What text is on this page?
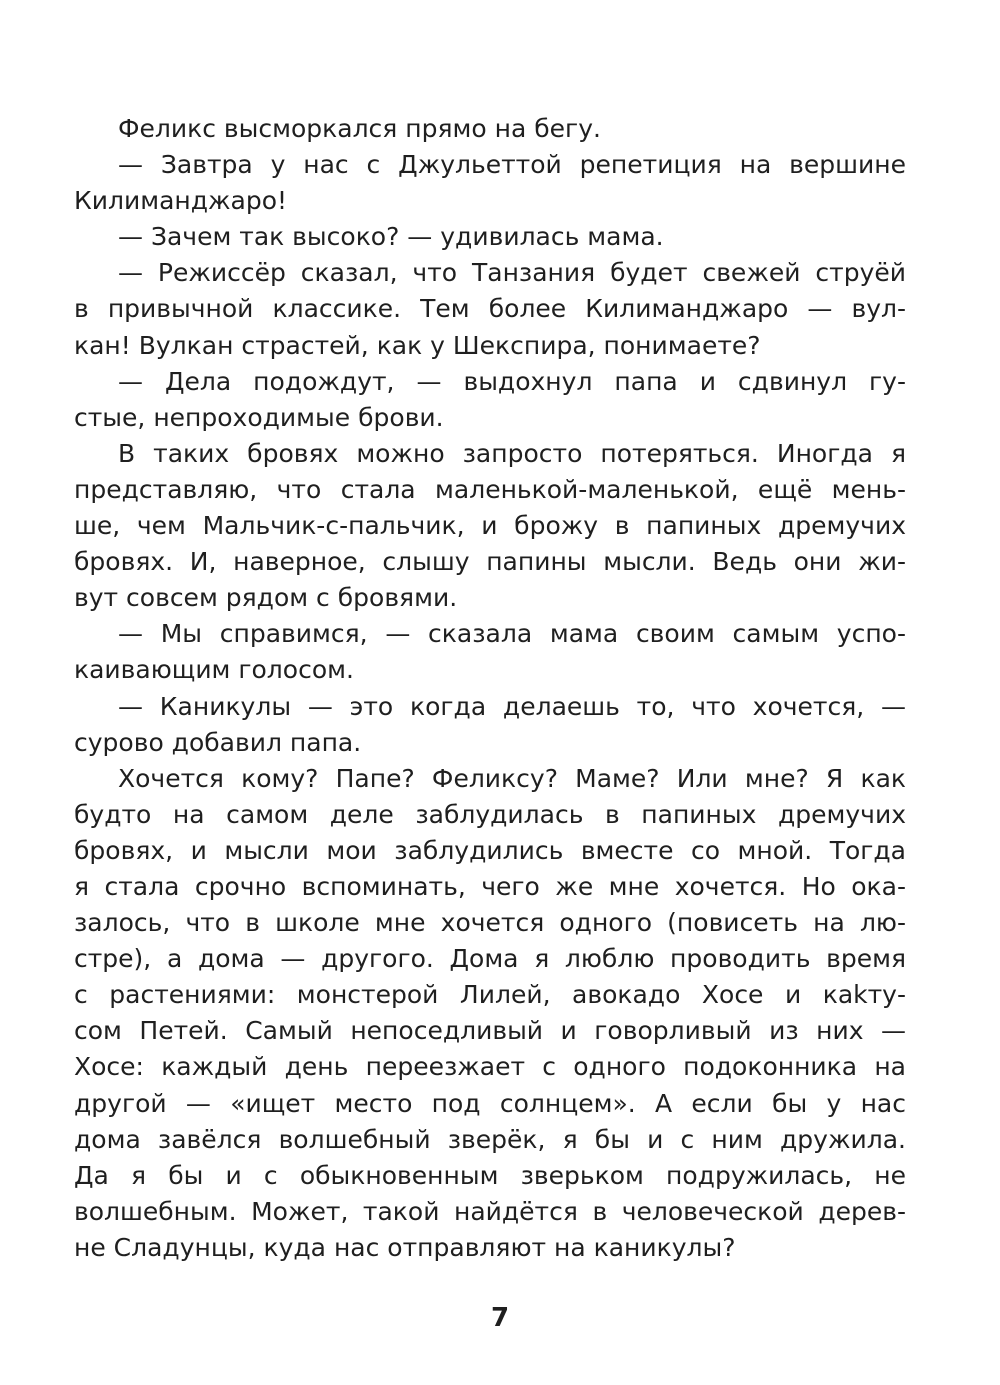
Феликс высморкался прямо на бегу.
— Завтра у нас с Джульеттой репетиция на вершине
Килиманджаро!
— Зачем так высоко? — удивилась мама.
— Режиссёр сказал, что Танзания будет свежей струёй
в привычной классике. Тем более Килиманджаро — вул-
кан! Вулкан страстей, как у Шекспира, понимаете?
— Дела подождут, — выдохнул папа и сдвинул гу-
стые, непроходимые брови.
В таких бровях можно запросто потеряться. Иногда я
представляю, что стала маленькой-маленькой, ещё мень-
ше, чем Мальчик-с-пальчик, и брожу в папиных дремучих
бровях. И, наверное, слышу папины мысли. Ведь они жи-
вут совсем рядом с бровями.
— Мы справимся, — сказала мама своим самым успо-
каивающим голосом.
— Каникулы — это когда делаешь то, что хочется, —
сурово добавил папа.
Хочется кому? Папе? Феликсу? Маме? Или мне? Я как
будто на самом деле заблудилась в папиных дремучих
бровях, и мысли мои заблудились вместе со мной. Тогда
я стала срочно вспоминать, чего же мне хочется. Но ока-
залось, что в школе мне хочется одного (повисеть на лю-
стре), а дома — другого. Дома я люблю проводить время
с растениями: монстерой Лилей, авокадо Хосе и кakту-
сом Петей. Самый непоседливый и говорливый из них —
Хосе: каждый день переезжает с одного подоконника на
другой — «ищет место под солнцем». А если бы у нас
дома завёлся волшебный зверёк, я бы и с ним дружила.
Да я бы и с обыкновенным зверьком подружилась, не
волшебным. Может, такой найдётся в человеческой дерев-
не Сладунцы, куда нас отправляют на каникулы?
7
